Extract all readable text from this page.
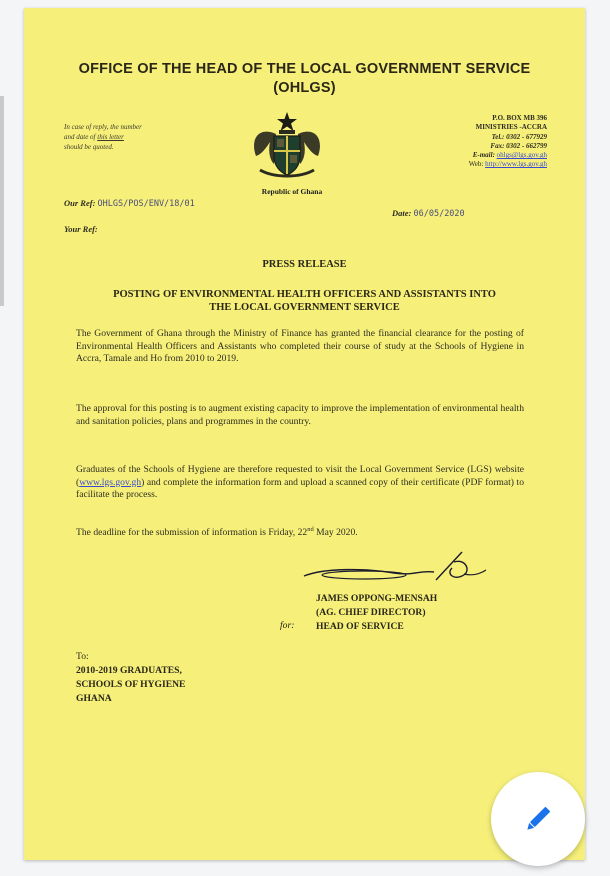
OFFICE OF THE HEAD OF THE LOCAL GOVERNMENT SERVICE
(OHLGS)
In case of reply, the number
and date of this letter
should be quoted.
Republic of Ghana
P.O. BOX MB 396
MINISTRIES -ACCRA
Tel.: 0302 - 677929
Fax: 0302 - 662799
E-mail: ohlgs@lgs.gov.gh
Web: http://www.lgs.gov.gh
Our Ref: OHLGS/POS/ENV/18/01
Date: 06/05/2020
Your Ref:
PRESS RELEASE
POSTING OF ENVIRONMENTAL HEALTH OFFICERS AND ASSISTANTS INTO
THE LOCAL GOVERNMENT SERVICE
The Government of Ghana through the Ministry of Finance has granted the financial clearance for the posting of Environmental Health Officers and Assistants who completed their course of study at the Schools of Hygiene in Accra, Tamale and Ho from 2010 to 2019.
The approval for this posting is to augment existing capacity to improve the implementation of environmental health and sanitation policies, plans and programmes in the country.
Graduates of the Schools of Hygiene are therefore requested to visit the Local Government Service (LGS) website (www.lgs.gov.gh) and complete the information form and upload a scanned copy of their certificate (PDF format) to facilitate the process.
The deadline for the submission of information is Friday, 22nd May 2020.
JAMES OPPONG-MENSAH
(AG. CHIEF DIRECTOR)
HEAD OF SERVICE
for:
To:
2010-2019 GRADUATES,
SCHOOLS OF HYGIENE
GHANA
